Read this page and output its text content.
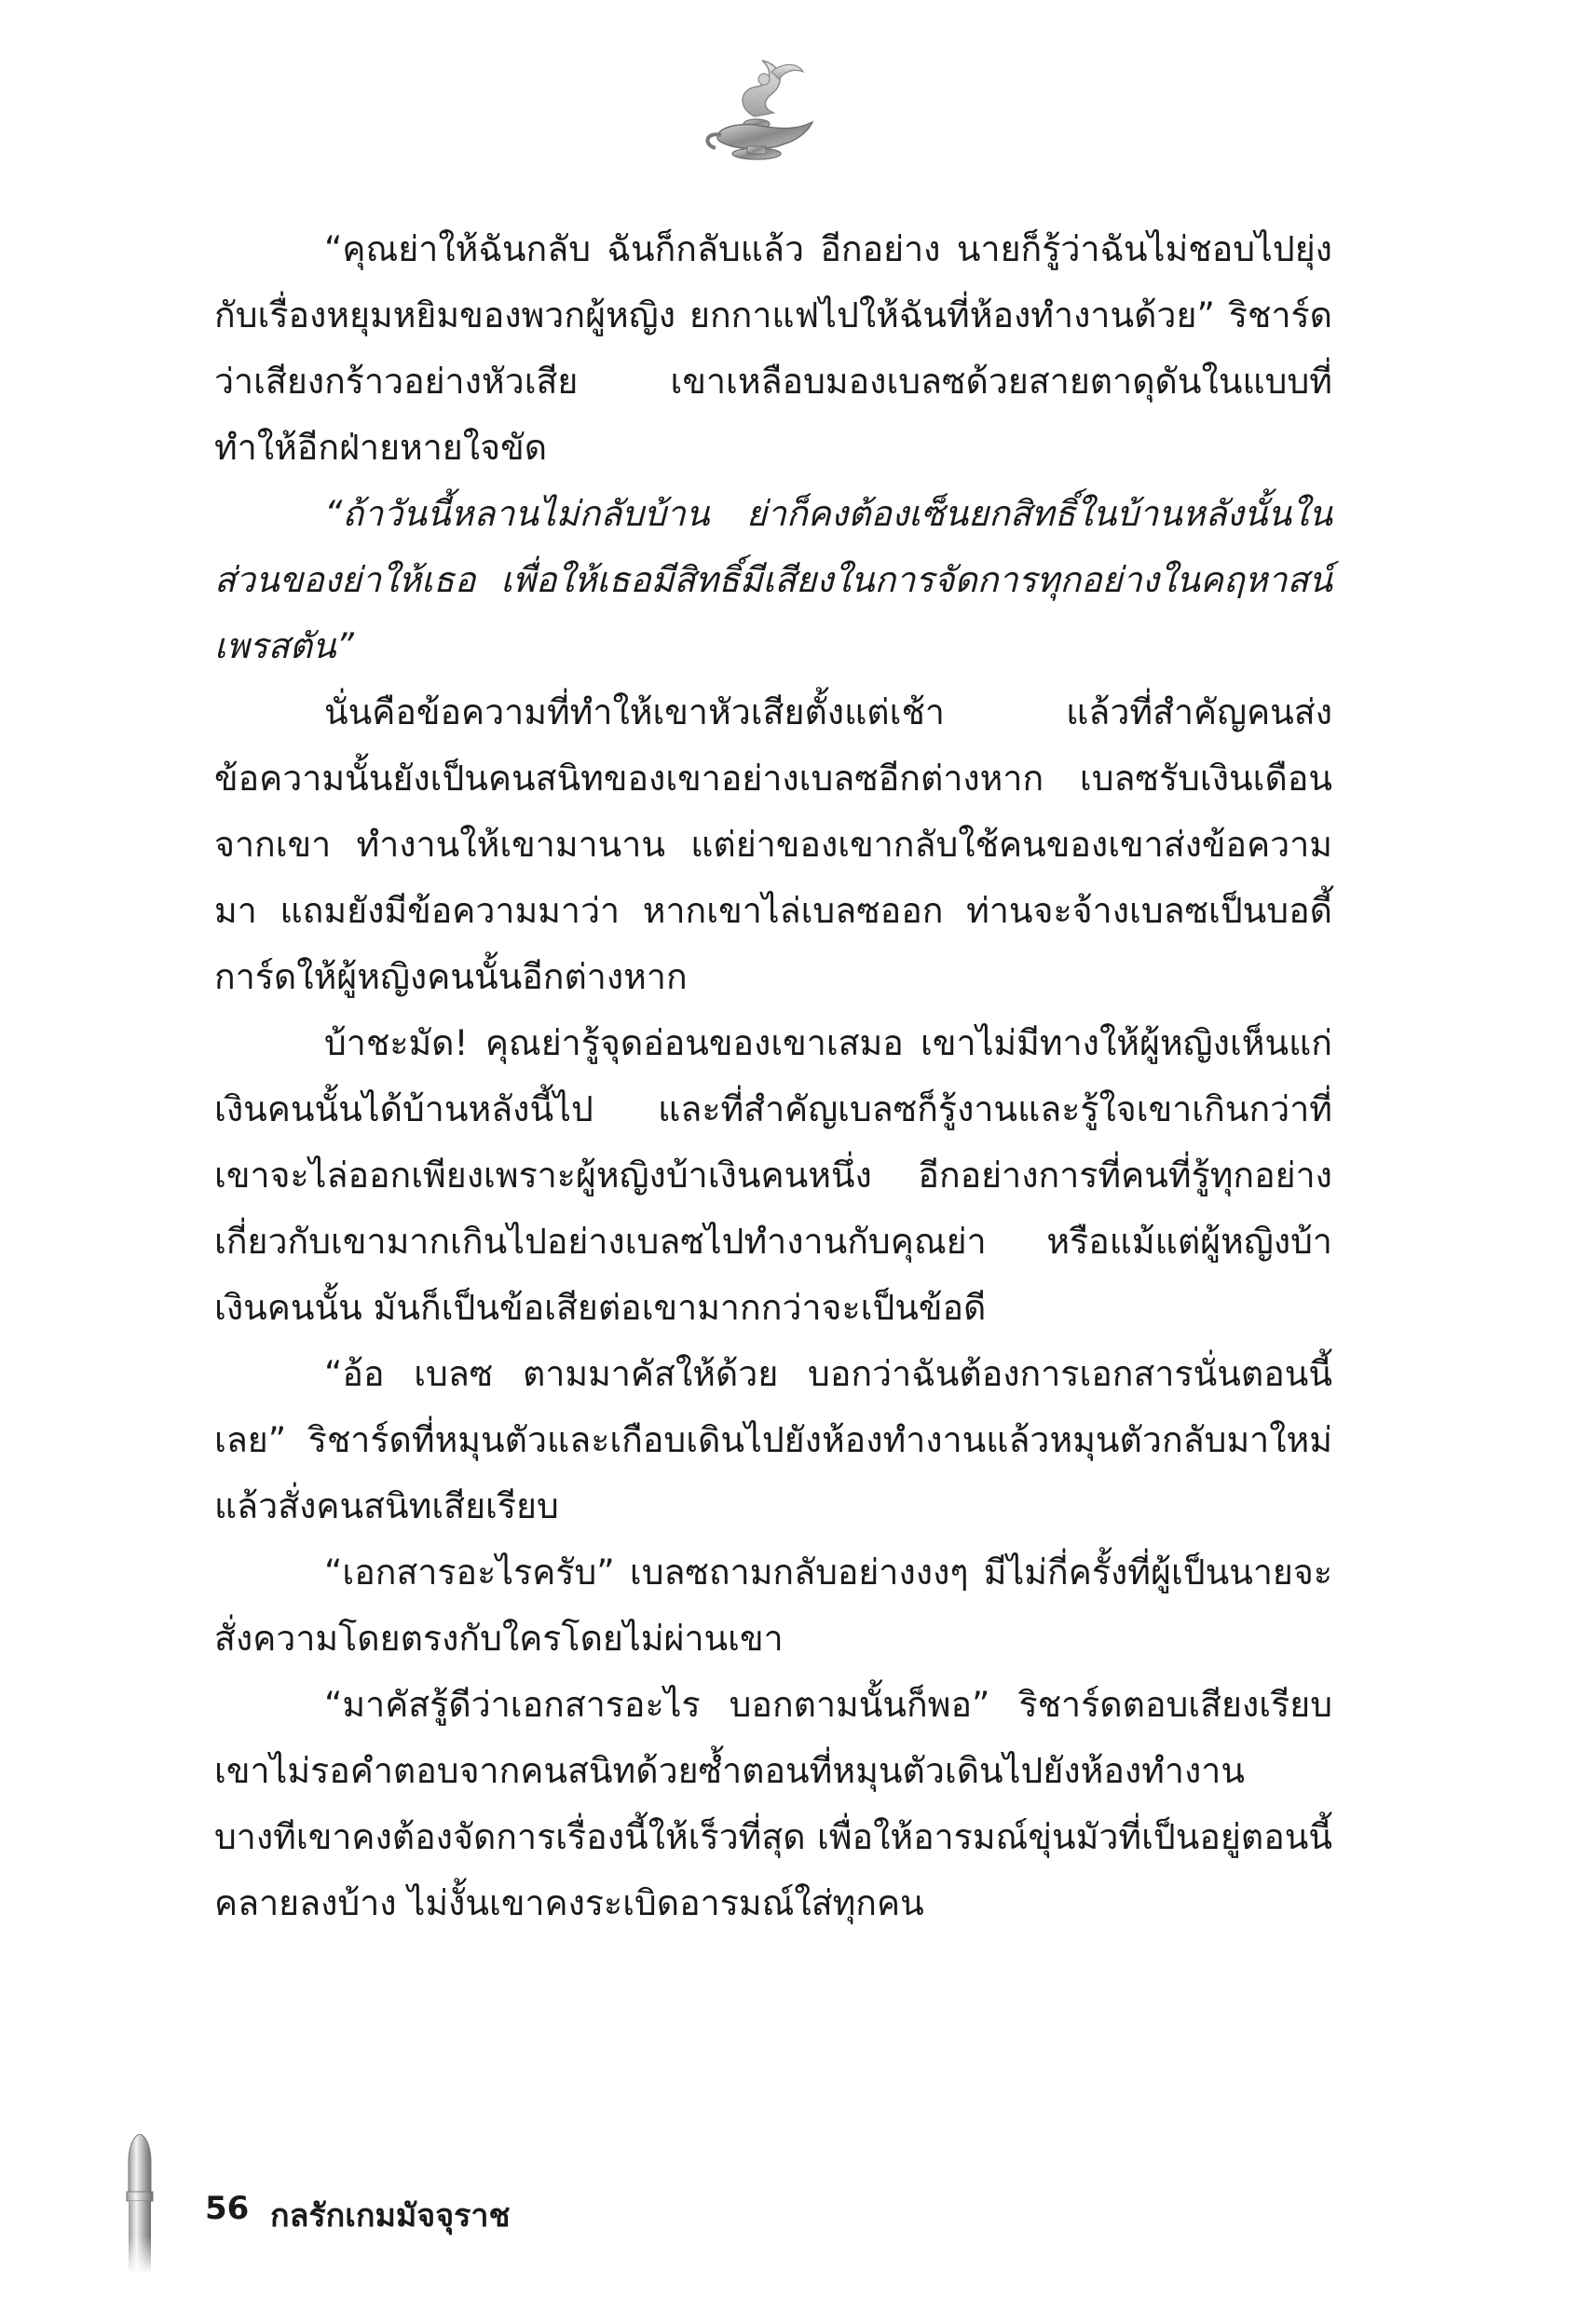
“คุณย่าให้ฉันกลับ ฉันก็กลับแล้ว อีกอย่าง นายก็รู้ว่าฉันไม่ชอบไปยุ่งกับเรื่องหยุมหยิมของพวกผู้หญิง ยกกาแฟไปให้ฉันที่ห้องทำงานด้วย” ริชาร์ดว่าเสียงกร้าวอย่างหัวเสีย เขาเหลือบมองเบลซด้วยสายตาดุดันในแบบที่ทำให้อีกฝ่ายหายใจขัด

“ถ้าวันนี้หลานไม่กลับบ้าน ย่าก็คงต้องเซ็นยกสิทธิ์ในบ้านหลังนั้นในส่วนของย่าให้เธอ เพื่อให้เธอมีสิทธิ์มีเสียงในการจัดการทุกอย่างในคฤหาสน์เพรสตัน”

นั่นคือข้อความที่ทำให้เขาหัวเสียตั้งแต่เช้า แล้วที่สำคัญคนส่งข้อความนั้นยังเป็นคนสนิทของเขาอย่างเบลซอีกต่างหาก เบลซรับเงินเดือนจากเขา ทำงานให้เขามานาน แต่ย่าของเขากลับใช้คนของเขาส่งข้อความมา แถมยังมีข้อความมาว่า หากเขาไล่เบลซออก ท่านจะจ้างเบลซเป็นบอดี้การ์ดให้ผู้หญิงคนนั้นอีกต่างหาก

บ้าชะมัด! คุณย่ารู้จุดอ่อนของเขาเสมอ เขาไม่มีทางให้ผู้หญิงเห็นแก่เงินคนนั้นได้บ้านหลังนี้ไป และที่สำคัญเบลซก็รู้งานและรู้ใจเขาเกินกว่าที่เขาจะไล่ออกเพียงเพราะผู้หญิงบ้าเงินคนหนึ่ง อีกอย่างการที่คนที่รู้ทุกอย่างเกี่ยวกับเขามากเกินไปอย่างเบลซไปทำงานกับคุณย่า หรือแม้แต่ผู้หญิงบ้าเงินคนนั้น มันก็เป็นข้อเสียต่อเขามากกว่าจะเป็นข้อดี

“อ้อ เบลซ ตามมาคัสให้ด้วย บอกว่าฉันต้องการเอกสารนั่นตอนนี้เลย” ริชาร์ดที่หมุนตัวและเกือบเดินไปยังห้องทำงานแล้วหมุนตัวกลับมาใหม่แล้วสั่งคนสนิทเสียเรียบ

“เอกสารอะไรครับ” เบลซถามกลับอย่างงงๆ มีไม่กี่ครั้งที่ผู้เป็นนายจะสั่งความโดยตรงกับใครโดยไม่ผ่านเขา

“มาคัสรู้ดีว่าเอกสารอะไร บอกตามนั้นก็พอ” ริชาร์ดตอบเสียงเรียบ เขาไม่รอคำตอบจากคนสนิทด้วยซ้ำตอนที่หมุนตัวเดินไปยังห้องทำงาน บางทีเขาคงต้องจัดการเรื่องนี้ให้เร็วที่สุด เพื่อให้อารมณ์ขุ่นมัวที่เป็นอยู่ตอนนี้คลายลงบ้าง ไม่งั้นเขาคงระเบิดอารมณ์ใส่ทุกคน

56 กลรักเกมมัจจุราช
